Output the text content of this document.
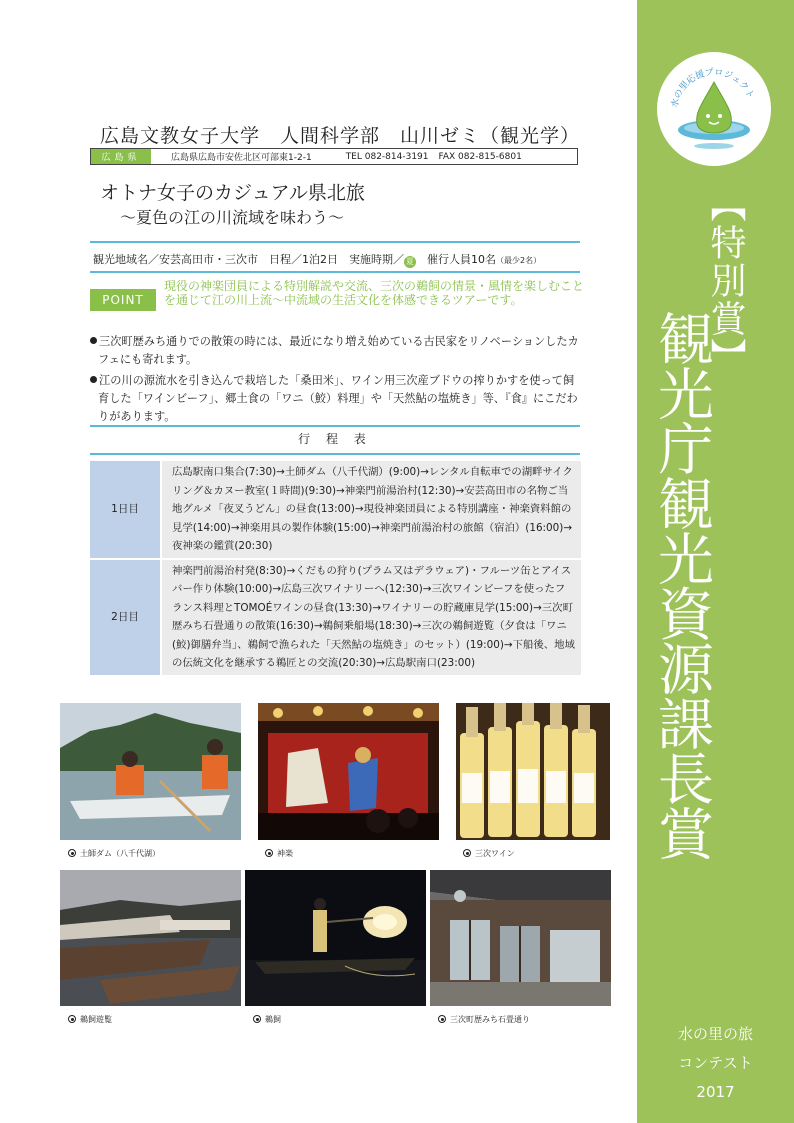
水の里応援プロジェクト
【特別賞】
観光庁観光資源課長賞
水の里の旅
コンテスト
2017
広島文教女子大学　人間科学部　山川ゼミ（観光学）
広島県	広島県広島市安佐北区可部東1-2-1	TEL 082-814-3191 FAX 082-815-6801
オトナ女子のカジュアル県北旅
～夏色の江の川流域を味わう～
観光地域名／安芸高田市・三次市　日程／1泊2日　実施時期／ 夏　催行人員10名（最少2名）
POINT
現役の神楽団員による特別解説や交流、三次の鵜飼の情景・風情を楽しむことを通じて江の川上流～中流域の生活文化を体感できるツアーです。
三次町歴みち通りでの散策の時には、最近になり増え始めている古民家をリノベーションしたカフェにも寄れます。
江の川の源流水を引き込んで栽培した「桑田米」、ワイン用三次産ブドウの搾りかすを使って飼育した「ワインビーフ」、郷土食の「ワニ（鮫）料理」や「天然鮎の塩焼き」等、『食』にこだわりがあります。
行 程 表
1日目	広島駅南口集合(7:30)→土師ダム（八千代湖）(9:00)→レンタル自転車での湖畔サイクリング＆カヌー教室(１時間)(9:30)→神楽門前湯治村(12:30)→安芸高田市の名物ご当地グルメ「夜叉うどん」の昼食(13:00)→現役神楽団員による特別講座・神楽資料館の見学(14:00)→神楽用具の製作体験(15:00)→神楽門前湯治村の旅館（宿泊）(16:00)→夜神楽の鑑賞(20:30)
2日目	神楽門前湯治村発(8:30)→くだもの狩り(プラム又はデラウェア)・フルーツ缶とアイスバー作り体験(10:00)→広島三次ワイナリーへ(12:30)→三次ワインビーフを使ったフランス料理とTOMOÉワインの昼食(13:30)→ワイナリーの貯蔵庫見学(15:00)→三次町歴みち石畳通りの散策(16:30)→鵜飼乗船場(18:30)→三次の鵜飼遊覧（夕食は「ワニ(鮫)御膳弁当」、鵜飼で漁られた「天然鮎の塩焼き」のセット）(19:00)→下船後、地域の伝統文化を継承する鵜匠との交流(20:30)→広島駅南口(23:00)
土師ダム（八千代湖）	神楽	三次ワイン
鵜飼遊覧	鵜飼	三次町歴みち石畳通り
